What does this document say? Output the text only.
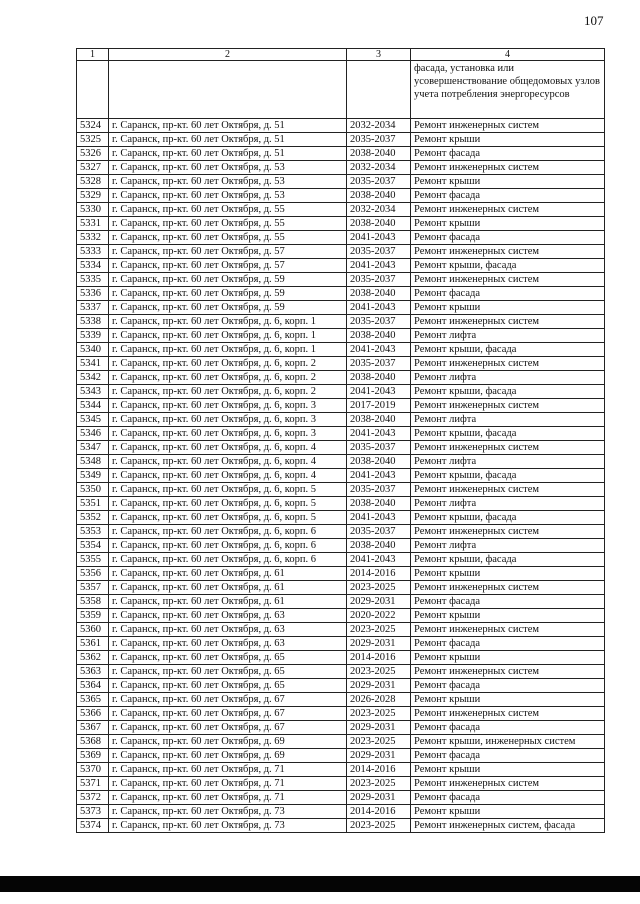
107
1	2	3	4
			фасада, установка или усовершенствование общедомовых узлов учета потребления энергоресурсов
5324	г. Саранск, пр-кт. 60 лет Октября, д. 51	2032-2034	Ремонт инженерных систем
5325	г. Саранск, пр-кт. 60 лет Октября, д. 51	2035-2037	Ремонт крыши
5326	г. Саранск, пр-кт. 60 лет Октября, д. 51	2038-2040	Ремонт фасада
5327	г. Саранск, пр-кт. 60 лет Октября, д. 53	2032-2034	Ремонт инженерных систем
5328	г. Саранск, пр-кт. 60 лет Октября, д. 53	2035-2037	Ремонт крыши
5329	г. Саранск, пр-кт. 60 лет Октября, д. 53	2038-2040	Ремонт фасада
5330	г. Саранск, пр-кт. 60 лет Октября, д. 55	2032-2034	Ремонт инженерных систем
5331	г. Саранск, пр-кт. 60 лет Октября, д. 55	2038-2040	Ремонт крыши
5332	г. Саранск, пр-кт. 60 лет Октября, д. 55	2041-2043	Ремонт фасада
5333	г. Саранск, пр-кт. 60 лет Октября, д. 57	2035-2037	Ремонт инженерных систем
5334	г. Саранск, пр-кт. 60 лет Октября, д. 57	2041-2043	Ремонт крыши, фасада
5335	г. Саранск, пр-кт. 60 лет Октября, д. 59	2035-2037	Ремонт инженерных систем
5336	г. Саранск, пр-кт. 60 лет Октября, д. 59	2038-2040	Ремонт фасада
5337	г. Саранск, пр-кт. 60 лет Октября, д. 59	2041-2043	Ремонт крыши
5338	г. Саранск, пр-кт. 60 лет Октября, д. 6, корп. 1	2035-2037	Ремонт инженерных систем
5339	г. Саранск, пр-кт. 60 лет Октября, д. 6, корп. 1	2038-2040	Ремонт лифта
5340	г. Саранск, пр-кт. 60 лет Октября, д. 6, корп. 1	2041-2043	Ремонт крыши, фасада
5341	г. Саранск, пр-кт. 60 лет Октября, д. 6, корп. 2	2035-2037	Ремонт инженерных систем
5342	г. Саранск, пр-кт. 60 лет Октября, д. 6, корп. 2	2038-2040	Ремонт лифта
5343	г. Саранск, пр-кт. 60 лет Октября, д. 6, корп. 2	2041-2043	Ремонт крыши, фасада
5344	г. Саранск, пр-кт. 60 лет Октября, д. 6, корп. 3	2017-2019	Ремонт инженерных систем
5345	г. Саранск, пр-кт. 60 лет Октября, д. 6, корп. 3	2038-2040	Ремонт лифта
5346	г. Саранск, пр-кт. 60 лет Октября, д. 6, корп. 3	2041-2043	Ремонт крыши, фасада
5347	г. Саранск, пр-кт. 60 лет Октября, д. 6, корп. 4	2035-2037	Ремонт инженерных систем
5348	г. Саранск, пр-кт. 60 лет Октября, д. 6, корп. 4	2038-2040	Ремонт лифта
5349	г. Саранск, пр-кт. 60 лет Октября, д. 6, корп. 4	2041-2043	Ремонт крыши, фасада
5350	г. Саранск, пр-кт. 60 лет Октября, д. 6, корп. 5	2035-2037	Ремонт инженерных систем
5351	г. Саранск, пр-кт. 60 лет Октября, д. 6, корп. 5	2038-2040	Ремонт лифта
5352	г. Саранск, пр-кт. 60 лет Октября, д. 6, корп. 5	2041-2043	Ремонт крыши, фасада
5353	г. Саранск, пр-кт. 60 лет Октября, д. 6, корп. 6	2035-2037	Ремонт инженерных систем
5354	г. Саранск, пр-кт. 60 лет Октября, д. 6, корп. 6	2038-2040	Ремонт лифта
5355	г. Саранск, пр-кт. 60 лет Октября, д. 6, корп. 6	2041-2043	Ремонт крыши, фасада
5356	г. Саранск, пр-кт. 60 лет Октября, д. 61	2014-2016	Ремонт крыши
5357	г. Саранск, пр-кт. 60 лет Октября, д. 61	2023-2025	Ремонт инженерных систем
5358	г. Саранск, пр-кт. 60 лет Октября, д. 61	2029-2031	Ремонт фасада
5359	г. Саранск, пр-кт. 60 лет Октября, д. 63	2020-2022	Ремонт крыши
5360	г. Саранск, пр-кт. 60 лет Октября, д. 63	2023-2025	Ремонт инженерных систем
5361	г. Саранск, пр-кт. 60 лет Октября, д. 63	2029-2031	Ремонт фасада
5362	г. Саранск, пр-кт. 60 лет Октября, д. 65	2014-2016	Ремонт крыши
5363	г. Саранск, пр-кт. 60 лет Октября, д. 65	2023-2025	Ремонт инженерных систем
5364	г. Саранск, пр-кт. 60 лет Октября, д. 65	2029-2031	Ремонт фасада
5365	г. Саранск, пр-кт. 60 лет Октября, д. 67	2026-2028	Ремонт крыши
5366	г. Саранск, пр-кт. 60 лет Октября, д. 67	2023-2025	Ремонт инженерных систем
5367	г. Саранск, пр-кт. 60 лет Октября, д. 67	2029-2031	Ремонт фасада
5368	г. Саранск, пр-кт. 60 лет Октября, д. 69	2023-2025	Ремонт крыши, инженерных систем
5369	г. Саранск, пр-кт. 60 лет Октября, д. 69	2029-2031	Ремонт фасада
5370	г. Саранск, пр-кт. 60 лет Октября, д. 71	2014-2016	Ремонт крыши
5371	г. Саранск, пр-кт. 60 лет Октября, д. 71	2023-2025	Ремонт инженерных систем
5372	г. Саранск, пр-кт. 60 лет Октября, д. 71	2029-2031	Ремонт фасада
5373	г. Саранск, пр-кт. 60 лет Октября, д. 73	2014-2016	Ремонт крыши
5374	г. Саранск, пр-кт. 60 лет Октября, д. 73	2023-2025	Ремонт инженерных систем, фасада
